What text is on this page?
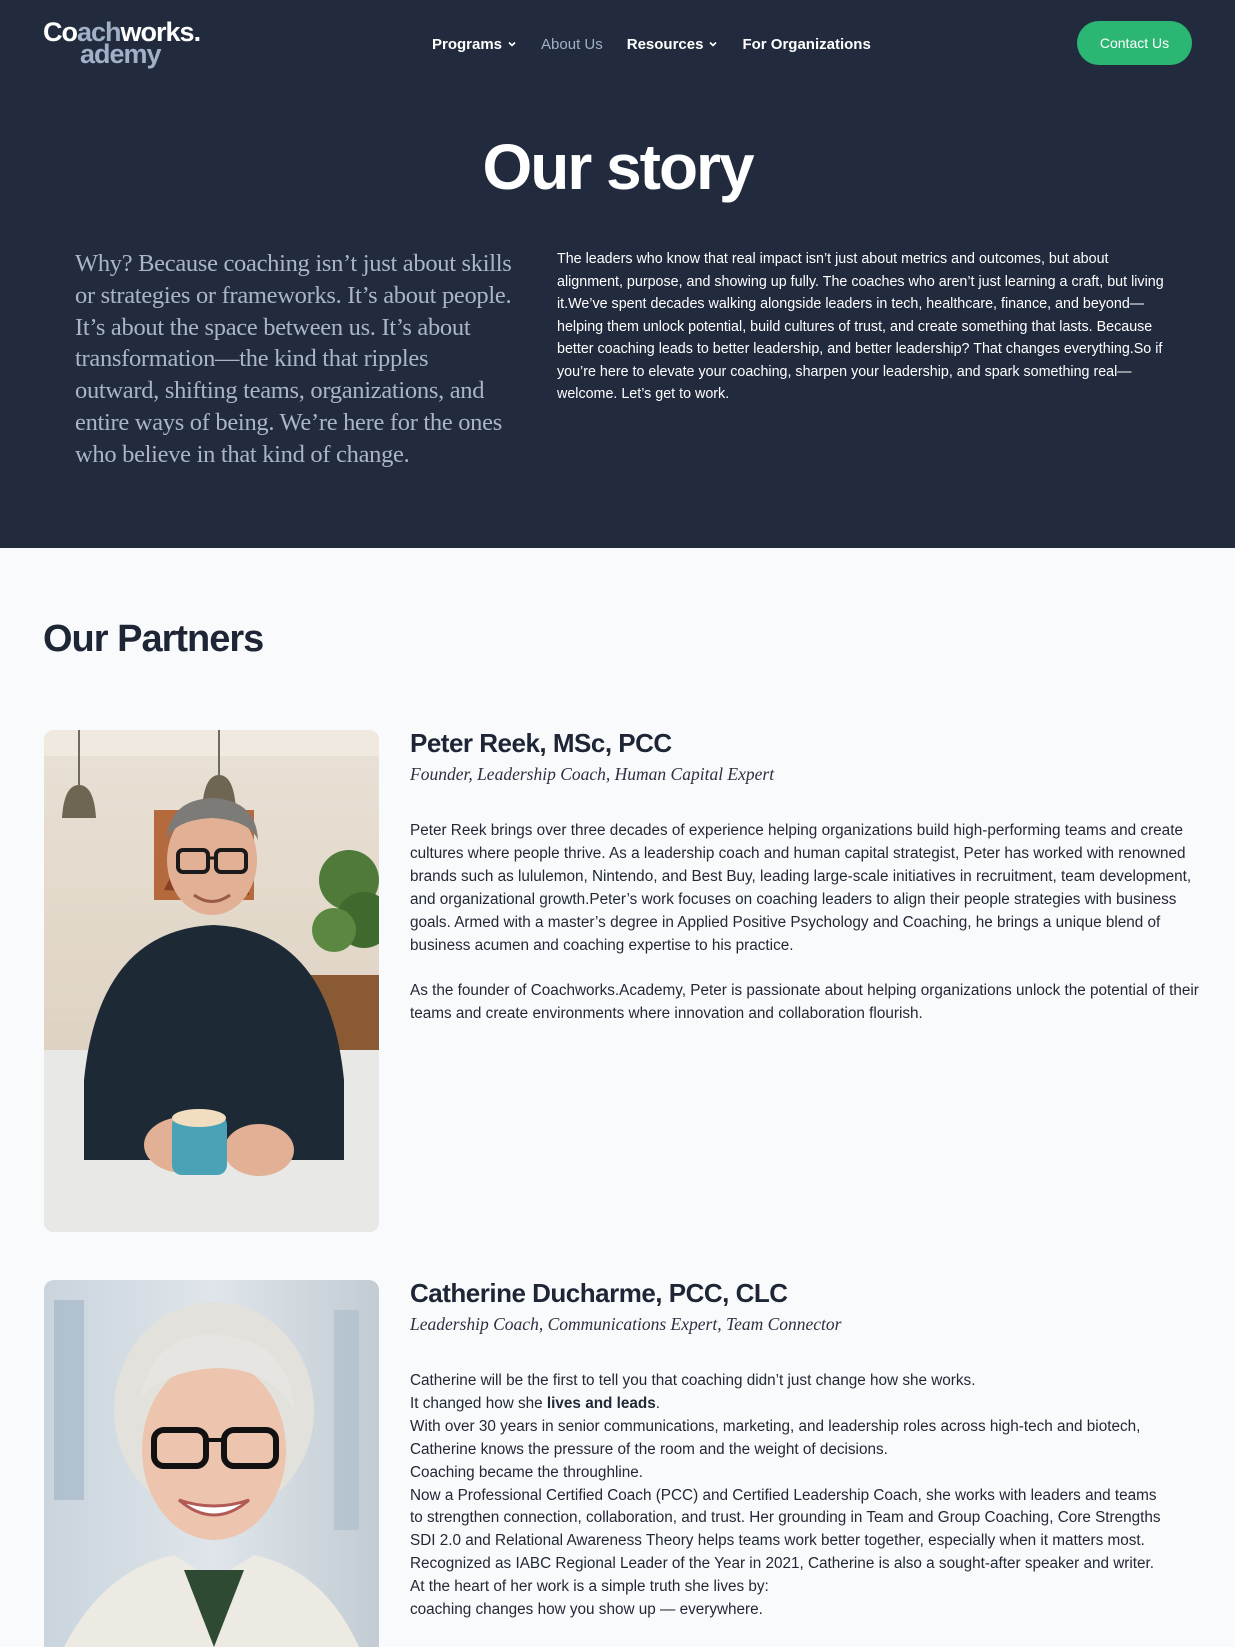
Coachworks.
ademy	Programs	About Us Resources	For Organizations	Contact Us
Our story

Why? Because coaching isn’t just about skills or strategies or frameworks. It’s about people. It’s about the space between us. It’s about transformation—the kind that ripples outward, shifting teams, organizations, and entire ways of being. We’re here for the ones who believe in that kind of change.

The leaders who know that real impact isn’t just about metrics and outcomes, but about alignment, purpose, and showing up fully. The coaches who aren’t just learning a craft, but living it.We’ve spent decades walking alongside leaders in tech, healthcare, finance, and beyond—helping them unlock potential, build cultures of trust, and create something that lasts. Because better coaching leads to better leadership, and better leadership? That changes everything.So if you’re here to elevate your coaching, sharpen your leadership, and spark something real—welcome. Let’s get to work.

Our Partners
Peter Reek, MSc, PCC
Founder, Leadership Coach, Human Capital Expert

Peter Reek brings over three decades of experience helping organizations build high-performing teams and create cultures where people thrive. As a leadership coach and human capital strategist, Peter has worked with renowned brands such as lululemon, Nintendo, and Best Buy, leading large-scale initiatives in recruitment, team development, and organizational growth.Peter’s work focuses on coaching leaders to align their people strategies with business goals. Armed with a master’s degree in Applied Positive Psychology and Coaching, he brings a unique blend of business acumen and coaching expertise to his practice.

As the founder of Coachworks.Academy, Peter is passionate about helping organizations unlock the potential of their teams and create environments where innovation and collaboration flourish.

Catherine Ducharme, PCC, CLC
Leadership Coach, Communications Expert, Team Connector
Catherine will be the first to tell you that coaching didn’t just change how she works.
It changed how she lives and leads.
With over 30 years in senior communications, marketing, and leadership roles across high-tech and biotech,
Catherine knows the pressure of the room and the weight of decisions.
Coaching became the throughline.
Now a Professional Certified Coach (PCC) and Certified Leadership Coach, she works with leaders and teams
to strengthen connection, collaboration, and trust. Her grounding in Team and Group Coaching, Core Strengths
SDI 2.0 and Relational Awareness Theory helps teams work better together, especially when it matters most.
Recognized as IABC Regional Leader of the Year in 2021, Catherine is also a sought-after speaker and writer.
At the heart of her work is a simple truth she lives by:
coaching changes how you show up — everywhere.
